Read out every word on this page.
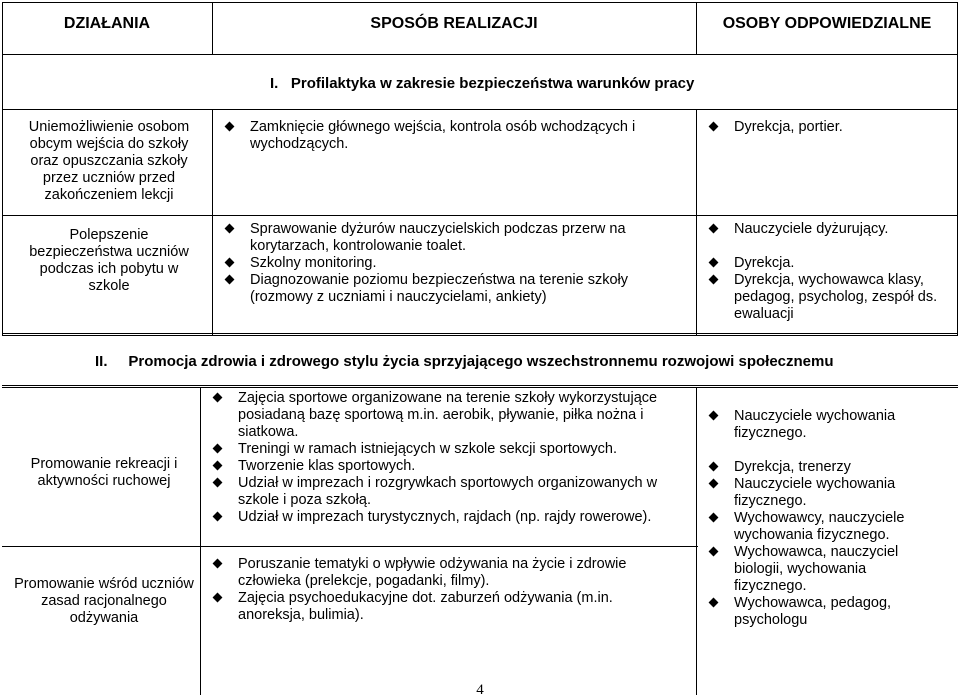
DZIAŁANIA	SPOSÓB REALIZACJI	OSOBY ODPOWIEDZIALNE
I. Profilaktyka w zakresie bezpieczeństwa warunków pracy
Uniemożliwienie osobom obcym wejścia do szkoły oraz opuszczania szkoły przez uczniów przed zakończeniem lekcji
Zamknięcie głównego wejścia, kontrola osób wchodzących i wychodzących.
Dyrekcja, portier.
Polepszenie bezpieczeństwa uczniów podczas ich pobytu w szkole
Sprawowanie dyżurów nauczycielskich podczas przerw na korytarzach, kontrolowanie toalet.
Szkolny monitoring.
Diagnozowanie poziomu bezpieczeństwa na terenie szkoły (rozmowy z uczniami i nauczycielami, ankiety)
Nauczyciele dyżurujący.
Dyrekcja.
Dyrekcja, wychowawca klasy, pedagog, psycholog, zespół ds. ewaluacji
II. Promocja zdrowia i zdrowego stylu życia sprzyjającego wszechstronnemu rozwojowi społecznemu
Promowanie rekreacji i aktywności ruchowej
Zajęcia sportowe organizowane na terenie szkoły wykorzystujące posiadaną bazę sportową m.in. aerobik, pływanie, piłka nożna i siatkowa.
Treningi w ramach istniejących w szkole sekcji sportowych.
Tworzenie klas sportowych.
Udział w imprezach i rozgrywkach sportowych organizowanych w szkole i poza szkołą.
Udział w imprezach turystycznych, rajdach (np. rajdy rowerowe).
Promowanie wśród uczniów zasad racjonalnego odżywania
Poruszanie tematyki o wpływie odżywania na życie i zdrowie człowieka (prelekcje, pogadanki, filmy).
Zajęcia psychoedukacyjne dot. zaburzeń odżywania (m.in. anoreksja, bulimia).
Nauczyciele wychowania fizycznego.
Dyrekcja, trenerzy
Nauczyciele wychowania fizycznego.
Wychowawcy, nauczyciele wychowania fizycznego.
Wychowawca, nauczyciel biologii, wychowania fizycznego.
Wychowawca, pedagog, psychologu
4
